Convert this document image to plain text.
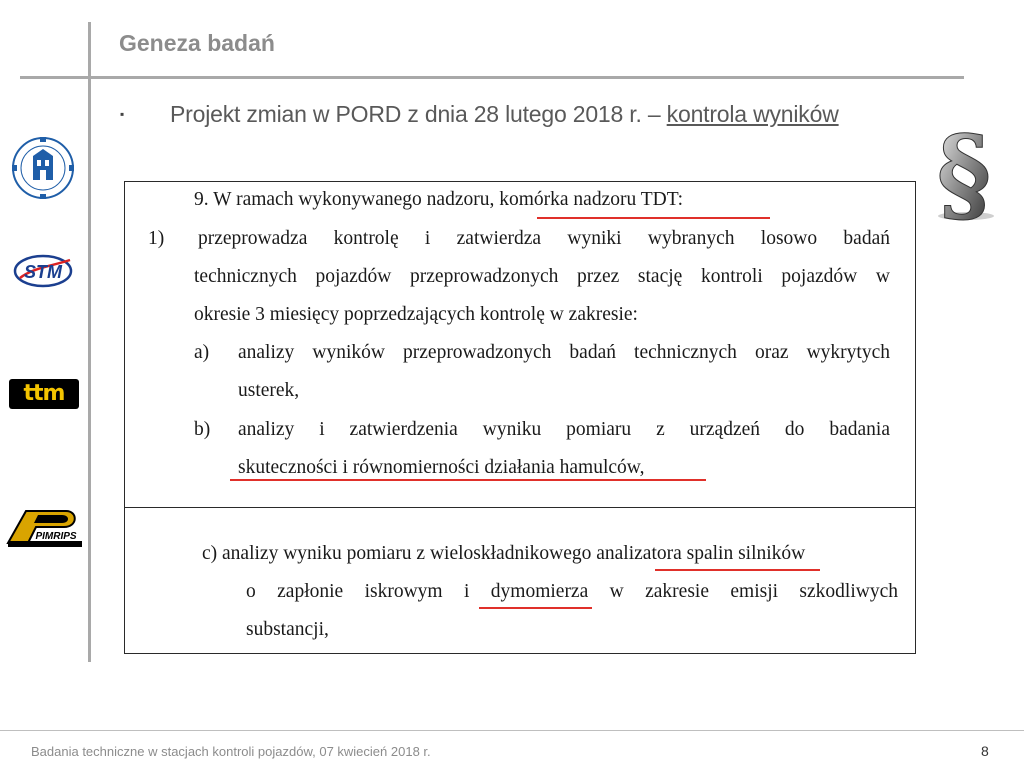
Geneza badań
▪ Projekt zmian w PORD z dnia 28 lutego 2018 r. – kontrola wyników
STM
ttm
PIMRIPS
§
9. W ramach wykonywanego nadzoru, komórka nadzoru TDT:
1) przeprowadza kontrolę i zatwierdza wyniki wybranych losowo badań
technicznych pojazdów przeprowadzonych przez stację kontroli pojazdów w
okresie 3 miesięcy poprzedzających kontrolę w zakresie:
a) analizy wyników przeprowadzonych badań technicznych oraz wykrytych
usterek,
b) analizy i zatwierdzenia wyniku pomiaru z urządzeń do badania
skuteczności i równomierności działania hamulców,
c) analizy wyniku pomiaru z wieloskładnikowego analizatora spalin silników
o zapłonie iskrowym i dymomierza w zakresie emisji szkodliwych
substancji,
Badania techniczne w stacjach kontroli pojazdów, 07 kwiecień 2018 r.	8
